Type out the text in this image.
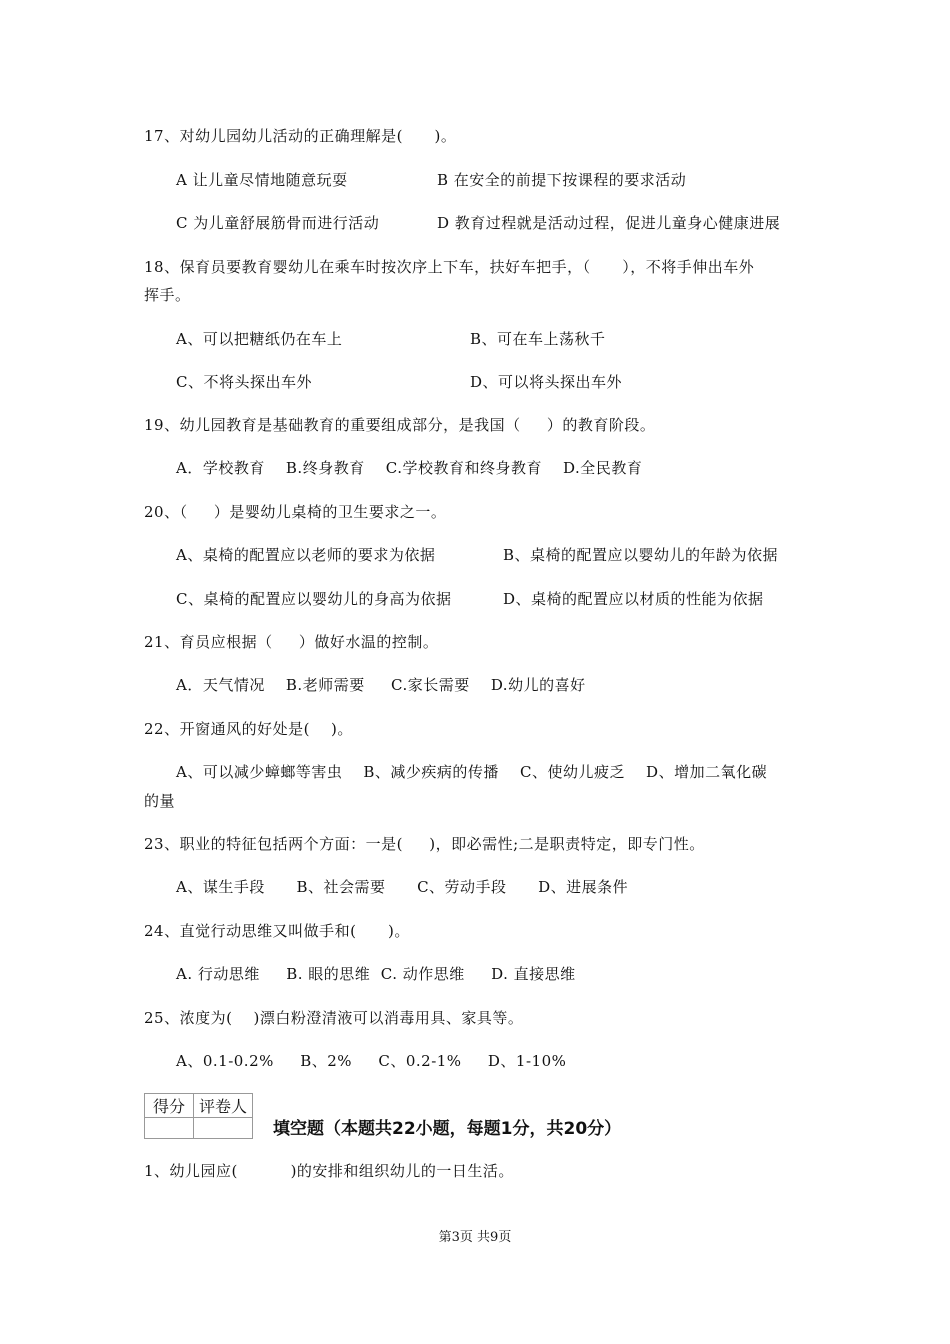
17、对幼儿园幼儿活动的正确理解是(      )。
A 让儿童尽情地随意玩耍	B 在安全的前提下按课程的要求活动
C 为儿童舒展筋骨而进行活动	D 教育过程就是活动过程，促进儿童身心健康进展
18、保育员要教育婴幼儿在乘车时按次序上下车，扶好车把手，（      ），不将手伸出车外
挥手。
A、可以把糖纸仍在车上	B、可在车上荡秋千
C、不将头探出车外	D、可以将头探出车外
19、幼儿园教育是基础教育的重要组成部分，是我国（     ）的教育阶段。
A．学校教育    B.终身教育    C.学校教育和终身教育    D.全民教育
20、（     ）是婴幼儿桌椅的卫生要求之一。
A、桌椅的配置应以老师的要求为依据	B、桌椅的配置应以婴幼儿的年龄为依据
C、桌椅的配置应以婴幼儿的身高为依据	D、桌椅的配置应以材质的性能为依据
21、育员应根据（     ）做好水温的控制。
A．天气情况    B.老师需要     C.家长需要    D.幼儿的喜好
22、开窗通风的好处是(    )。
A、可以减少蟑螂等害虫    B、减少疾病的传播    C、使幼儿疲乏    D、增加二氧化碳
的量
23、职业的特征包括两个方面：一是(     )，即必需性;二是职责特定，即专门性。
A、谋生手段      B、社会需要      C、劳动手段      D、进展条件
24、直觉行动思维又叫做手和(      )。
A. 行动思维     B. 眼的思维  C. 动作思维     D. 直接思维
25、浓度为(    )漂白粉澄清液可以消毒用具、家具等。
A、0.1-0.2%     B、2%     C、0.2-1%     D、1-10%
得分	评卷人

填空题（本题共22小题，每题1分，共20分）
1、幼儿园应(          )的安排和组织幼儿的一日生活。
第3页 共9页
